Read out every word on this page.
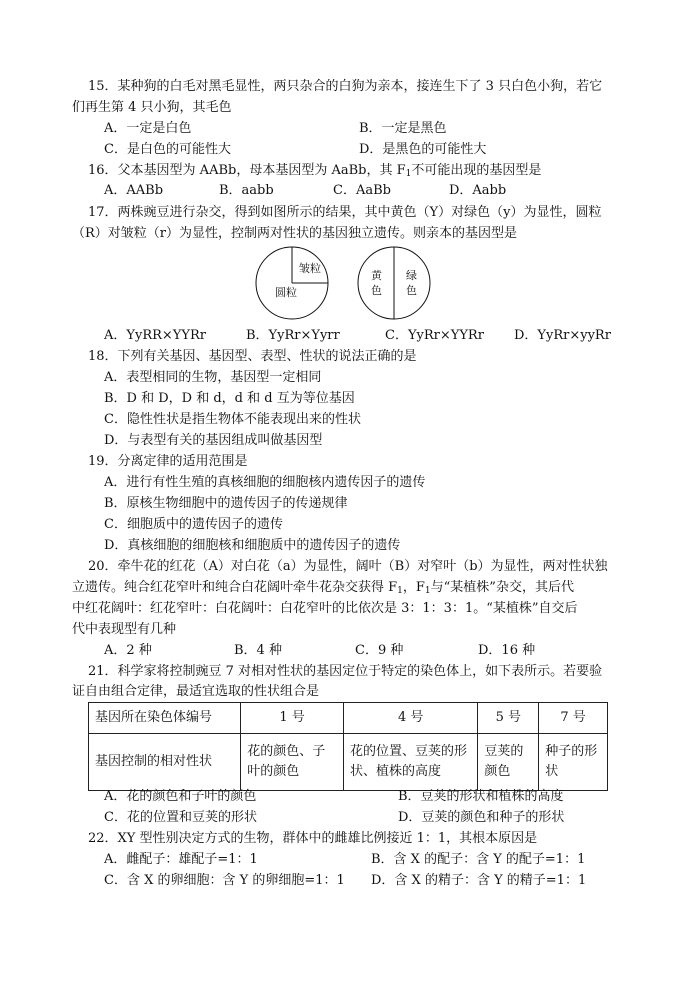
15．某种狗的白毛对黑毛显性，两只杂合的白狗为亲本，接连生下了 3 只白色小狗，若它
们再生第 4 只小狗，其毛色
A．一定是白色	B．一定是黑色
C．是白色的可能性大	D．是黑色的可能性大
16．父本基因型为 AABb，母本基因型为 AaBb，其 $F_1$不可能出现的基因型是
A．AABb	B．aabb	C．AaBb	D．Aabb
17．两株豌豆进行杂交，得到如图所示的结果，其中黄色（Y）对绿色（y）为显性，圆粒
（R）对皱粒（r）为显性，控制两对性状的基因独立遗传。则亲本的基因型是
皱粒
圆粒
黄
色
绿
色
A．YyRR×YYRr	B．YyRr×Yyrr	C．YyRr×YYRr D．YyRr×yyRr
18．下列有关基因、基因型、表型、性状的说法正确的是
A．表型相同的生物，基因型一定相同
B．D 和 D，D 和 d，d 和 d 互为等位基因
C．隐性性状是指生物体不能表现出来的性状
D．与表型有关的基因组成叫做基因型
19．分离定律的适用范围是
A．进行有性生殖的真核细胞的细胞核内遗传因子的遗传
B．原核生物细胞中的遗传因子的传递规律
C．细胞质中的遗传因子的遗传
D．真核细胞的细胞核和细胞质中的遗传因子的遗传
20．牵牛花的红花（A）对白花（a）为显性，阔叶（B）对窄叶（b）为显性，两对性状独
立遗传。纯合红花窄叶和纯合白花阔叶牵牛花杂交获得 $F_1$，$F_1$与“某植株”杂交，其后代
中红花阔叶：红花窄叶：白花阔叶：白花窄叶的比依次是 3：1：3：1。“某植株”自交后
代中表现型有几种
A．2 种	B．4 种	C．9 种	D．16 种
21．科学家将控制豌豆 7 对相对性状的基因定位于特定的染色体上，如下表所示。若要验
证自由组合定律，最适宜选取的性状组合是
基因所在染色体编号	1 号	4 号	5 号	7 号
基因控制的相对性状	花的颜色、子叶的颜色	花的位置、豆荚的形状、植株的高度	豆荚的颜色	种子的形状
A．花的颜色和子叶的颜色	B．豆荚的形状和植株的高度
C．花的位置和豆荚的形状	D．豆荚的颜色和种子的形状
22．XY 型性别决定方式的生物，群体中的雌雄比例接近 1：1，其根本原因是
A．雌配子：雄配子=1：1	B．含 X 的配子：含 Y 的配子=1：1
C．含 X 的卵细胞：含 Y 的卵细胞=1：1 D．含 X 的精子：含 Y 的精子=1：1
